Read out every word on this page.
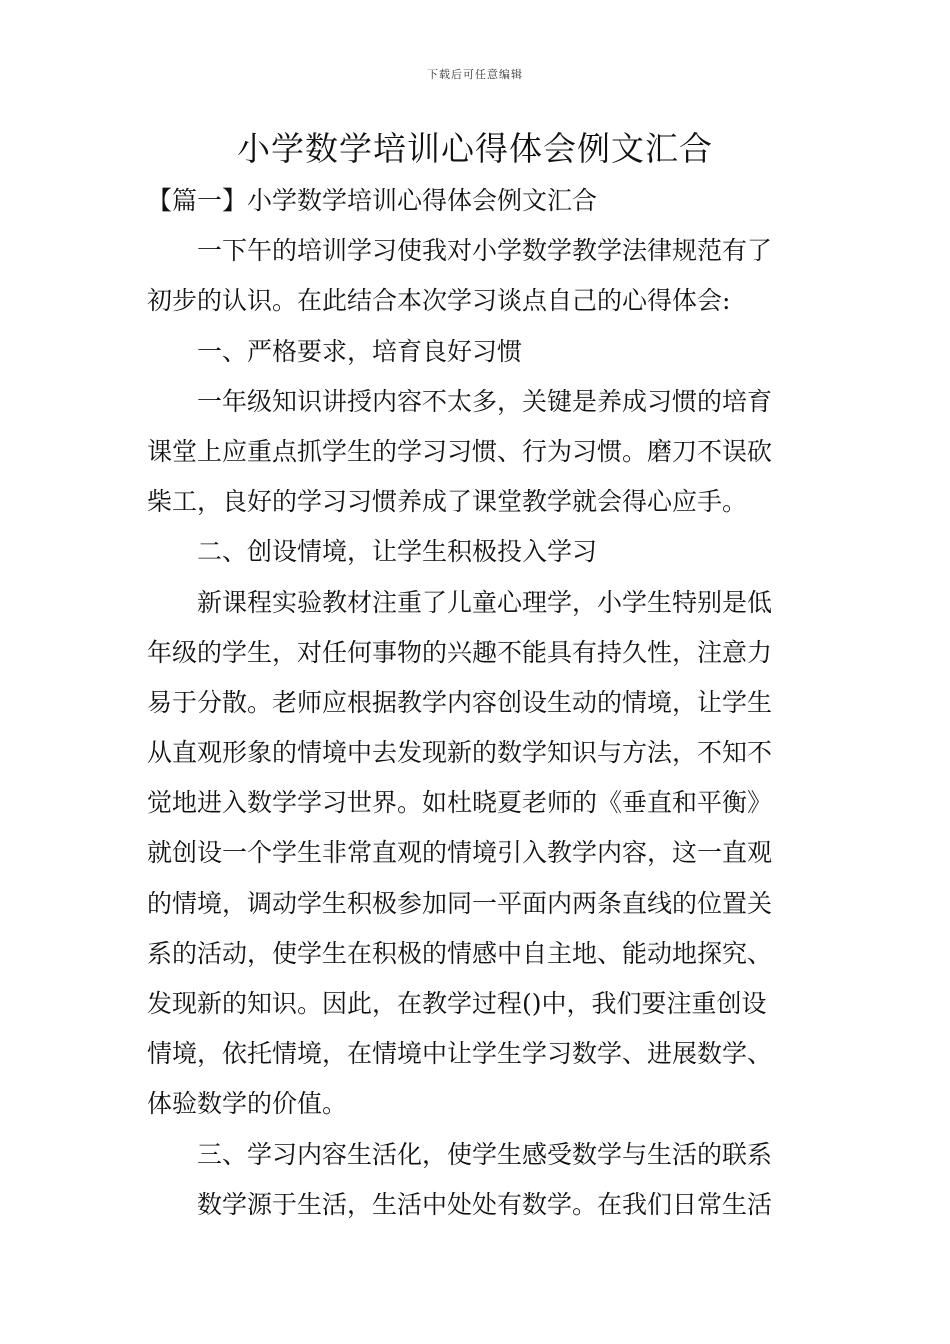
下载后可任意编辑
小学数学培训心得体会例文汇合
【篇一】小学数学培训心得体会例文汇合
一下午的培训学习使我对小学数学教学法律规范有了
初步的认识。在此结合本次学习谈点自己的心得体会:
一、严格要求，培育良好习惯
一年级知识讲授内容不太多，关键是养成习惯的培育
课堂上应重点抓学生的学习习惯、行为习惯。磨刀不误砍
柴工，良好的学习习惯养成了课堂教学就会得心应手。
二、创设情境，让学生积极投入学习
新课程实验教材注重了儿童心理学，小学生特别是低
年级的学生，对任何事物的兴趣不能具有持久性，注意力
易于分散。老师应根据教学内容创设生动的情境，让学生
从直观形象的情境中去发现新的数学知识与方法，不知不
觉地进入数学学习世界。如杜晓夏老师的《垂直和平衡》
就创设一个学生非常直观的情境引入教学内容，这一直观
的情境，调动学生积极参加同一平面内两条直线的位置关
系的活动，使学生在积极的情感中自主地、能动地探究、
发现新的知识。因此，在教学过程()中，我们要注重创设
情境，依托情境，在情境中让学生学习数学、进展数学、
体验数学的价值。
三、学习内容生活化，使学生感受数学与生活的联系
数学源于生活，生活中处处有数学。在我们日常生活
